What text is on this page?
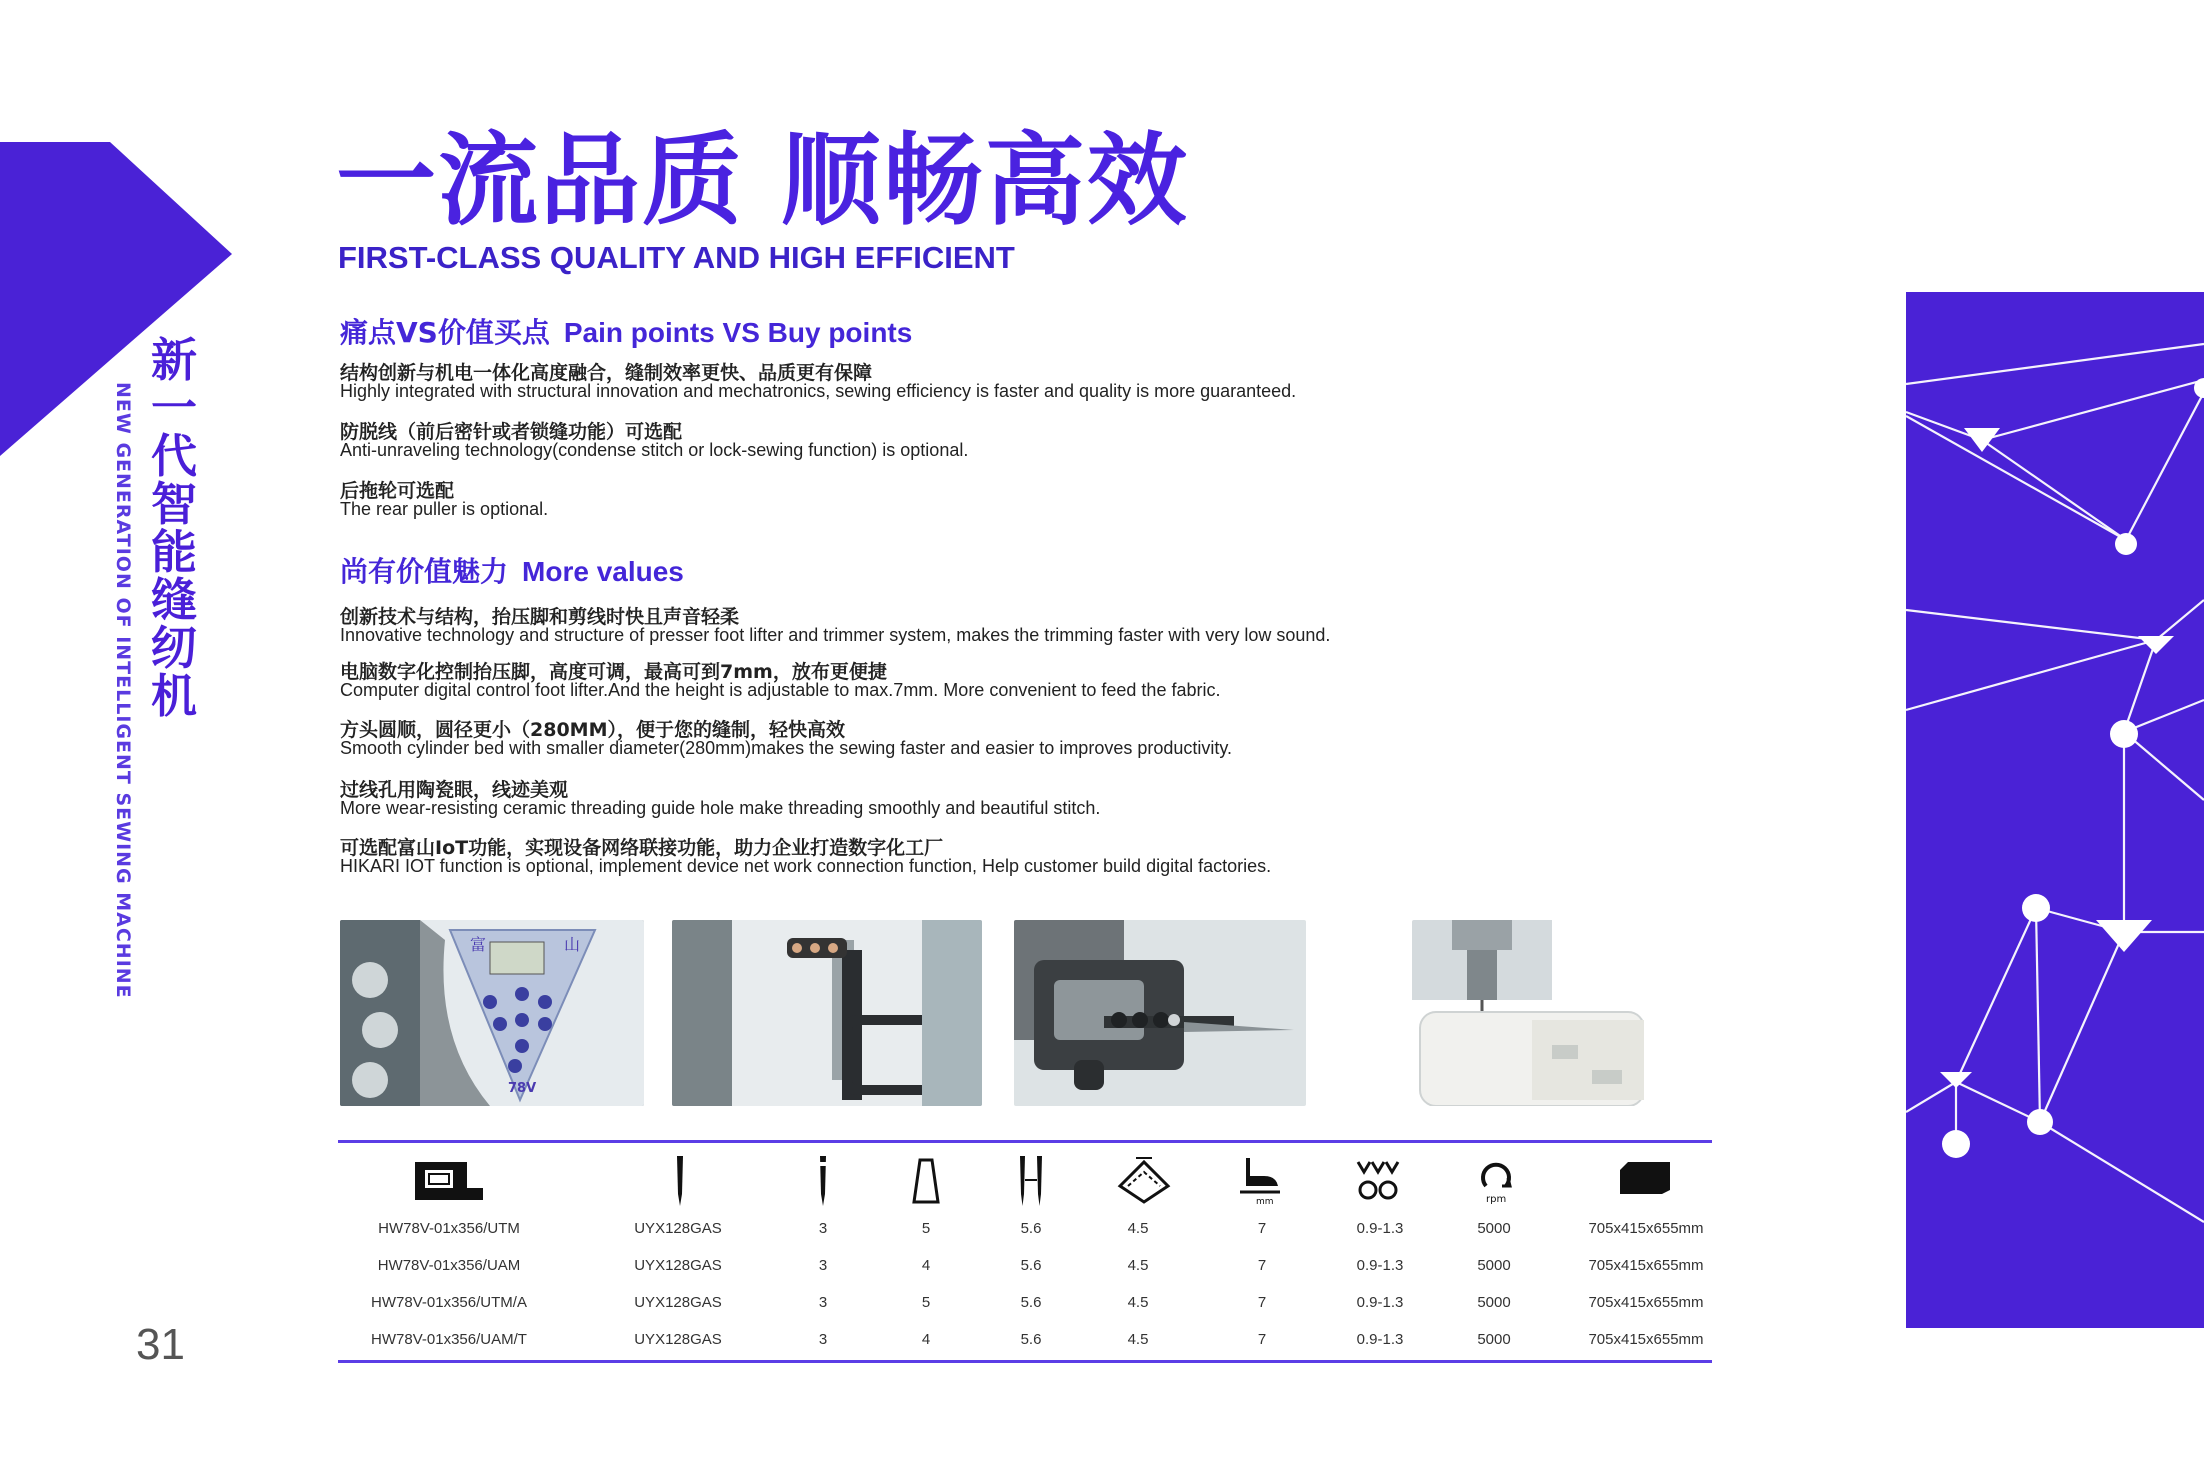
新
一
代
智
能
缝
纫
机
NEW GENERATION OF INTELLIGENT SEWING MACHINE
一流品质 顺畅高效
FIRST-CLASS QUALITY AND HIGH EFFICIENT
痛点VS价值买点 Pain points VS Buy points
结构创新与机电一体化高度融合，缝制效率更快、品质更有保障
Highly integrated with structural innovation and mechatronics, sewing efficiency is faster and quality is more guaranteed.
防脱线（前后密针或者锁缝功能）可选配
Anti-unraveling technology(condense stitch or lock-sewing function) is optional.
后拖轮可选配
The rear puller is optional.
尚有价值魅力 More values
创新技术与结构，抬压脚和剪线时快且声音轻柔
Innovative technology and structure of presser foot lifter and trimmer system, makes the trimming faster with very low sound.
电脑数字化控制抬压脚，高度可调，最高可到7mm，放布更便捷
Computer digital control foot lifter.And the height is adjustable to max.7mm. More convenient to feed the fabric.
方头圆顺，圆径更小（280MM），便于您的缝制，轻快高效
Smooth cylinder bed with smaller diameter(280mm)makes the sewing faster and easier to improves productivity.
过线孔用陶瓷眼，线迹美观
More wear-resisting ceramic threading guide hole make threading smoothly and beautiful stitch.
可选配富山IoT功能，实现设备网络联接功能，助力企业打造数字化工厂
HIKARI IOT function is optional, implement device net work connection function, Help customer build digital factories.
富	山
78V
mm	rpm
HW78V-01x356/UTM	UYX128GAS	3	5	5.6	4.5	7	0.9-1.3	5000	705x415x655mm
HW78V-01x356/UAM	UYX128GAS	3	4	5.6	4.5	7	0.9-1.3	5000	705x415x655mm
HW78V-01x356/UTM/A	UYX128GAS	3	5	5.6	4.5	7	0.9-1.3	5000	705x415x655mm
HW78V-01x356/UAM/T	UYX128GAS	3	4	5.6	4.5	7	0.9-1.3	5000	705x415x655mm
31
